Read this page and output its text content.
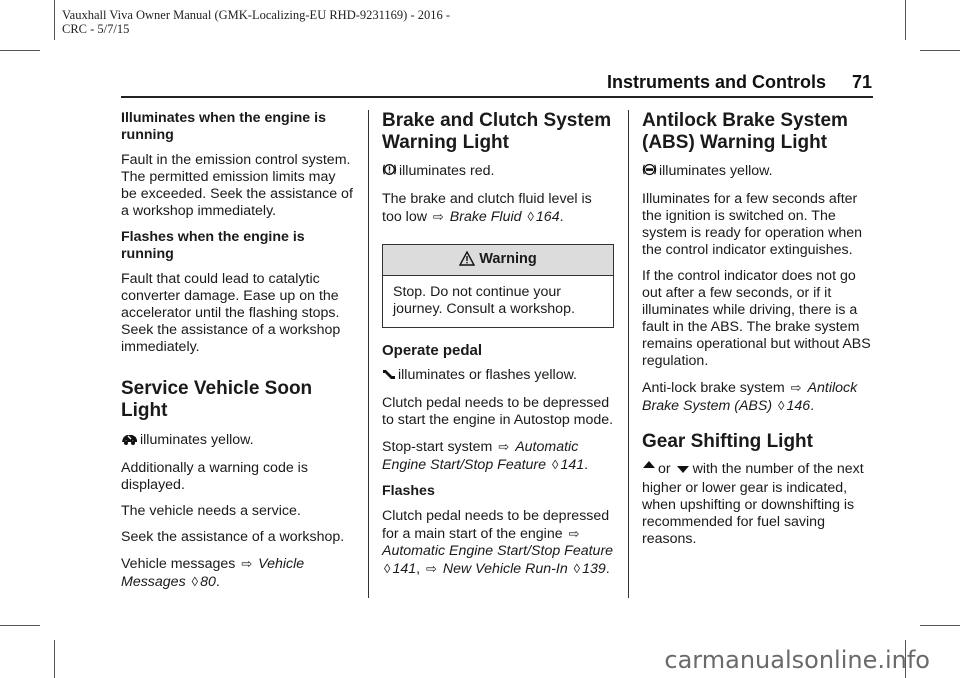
Vauxhall Viva Owner Manual (GMK-Localizing-EU RHD-9231169) - 2016 -
CRC - 5/7/15
Instruments and Controls 71

Illuminates when the engine is running

Fault in the emission control system. The permitted emission limits may be exceeded. Seek the assistance of a workshop immediately.

Flashes when the engine is running

Fault that could lead to catalytic converter damage. Ease up on the accelerator until the flashing stops. Seek the assistance of a workshop immediately.

Service Vehicle Soon Light

illuminates yellow.

Additionally a warning code is displayed.

The vehicle needs a service.

Seek the assistance of a workshop.

Vehicle messages ⇨ Vehicle Messages ◊ 80.

Brake and Clutch System Warning Light

illuminates red.

The brake and clutch fluid level is too low ⇨ Brake Fluid ◊ 164.

Warning
Stop. Do not continue your journey. Consult a workshop.
Operate pedal

illuminates or flashes yellow.

Clutch pedal needs to be depressed to start the engine in Autostop mode.

Stop-start system ⇨ Automatic Engine Start/Stop Feature ◊ 141.

Flashes

Clutch pedal needs to be depressed for a main start of the engine ⇨ Automatic Engine Start/Stop Feature ◊ 141, ⇨ New Vehicle Run-In ◊ 139.

Antilock Brake System (ABS) Warning Light

illuminates yellow.

Illuminates for a few seconds after the ignition is switched on. The system is ready for operation when the control indicator extinguishes.

If the control indicator does not go out after a few seconds, or if it illuminates while driving, there is a fault in the ABS. The brake system remains operational but without ABS regulation.

Anti-lock brake system ⇨ Antilock Brake System (ABS) ◊ 146.

Gear Shifting Light

or with the number of the next higher or lower gear is indicated, when upshifting or downshifting is recommended for fuel saving reasons.

carmanualsonline.info
